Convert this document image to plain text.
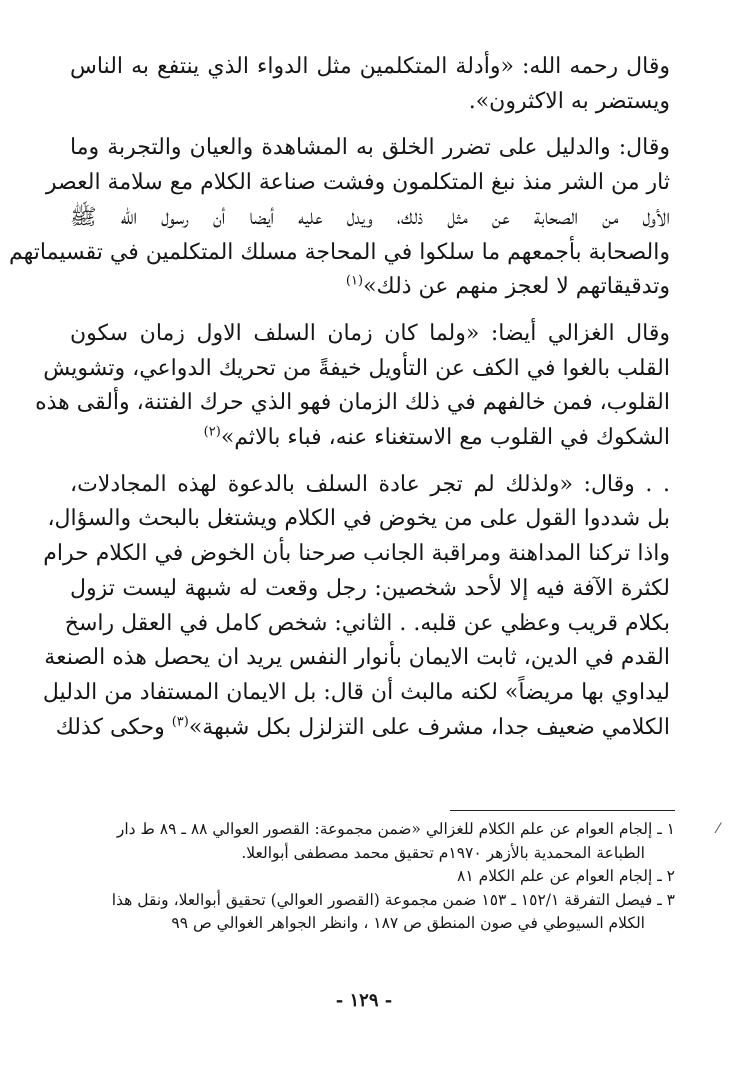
وقال رحمه الله: «وأدلة المتكلمين مثل الدواء الذي ينتفع به الناس
ويستضر به الاكثرون».

وقال: والدليل على تضرر الخلق به المشاهدة والعيان والتجربة وما
ثار من الشر منذ نبغ المتكلمون وفشت صناعة الكلام مع سلامة العصر
الأول من الصحابة عن مثل ذلك، ويدل عليه أيضا أن رسول الله ﷺ
والصحابة بأجمعهم ما سلكوا في المحاجة مسلك المتكلمين في تقسيماتهم
وتدقيقاتهم لا لعجز منهم عن ذلك»$^{(١)}$

وقال الغزالي أيضا: «ولما كان زمان السلف الاول زمان سكون
القلب بالغوا في الكف عن التأويل خيفةً من تحريك الدواعي، وتشويش
القلوب، فمن خالفهم في ذلك الزمان فهو الذي حرك الفتنة، وألقى هذه
الشكوك في القلوب مع الاستغناء عنه، فباء بالاثم»$^{(٢)}$

. . وقال: «ولذلك لم تجر عادة السلف بالدعوة لهذه المجادلات،
بل شددوا القول على من يخوض في الكلام ويشتغل بالبحث والسؤال،
واذا تركنا المداهنة ومراقبة الجانب صرحنا بأن الخوض في الكلام حرام
لكثرة الآفة فيه إلا لأحد شخصين: رجل وقعت له شبهة ليست تزول
بكلام قريب وعظي عن قلبه. . الثاني: شخص كامل في العقل راسخ
القدم في الدين، ثابت الايمان بأنوار النفس يريد ان يحصل هذه الصنعة
ليداوي بها مريضاً» لكنه مالبث أن قال: بل الايمان المستفاد من الدليل
الكلامي ضعيف جدا، مشرف على التزلزل بكل شبهة»$^{(٣)}$ وحكى كذلك

⁄

١ ـ إلجام العوام عن علم الكلام للغزالي «ضمن مجموعة: القصور العوالي ٨٨ ـ ٨٩ ط دار
الطباعة المحمدية بالأزهر ١٩٧٠م تحقيق محمد مصطفى أبوالعلا.

٢ ـ إلجام العوام عن علم الكلام ٨١

٣ ـ فيصل التفرقة ١٥٢/١ ـ ١٥٣ ضمن مجموعة (القصور العوالي) تحقيق أبوالعلا، ونقل هذا
الكلام السيوطي في صون المنطق ص ١٨٧ ، وانظر الجواهر الغوالي ص ٩٩

- ١٢٩ -
